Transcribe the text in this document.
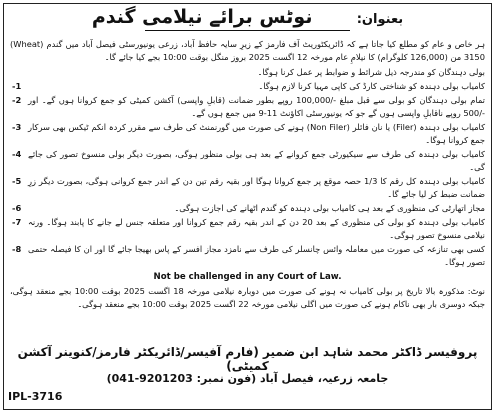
بعنوان: نوٹس برائے نیلامی گندم

ہر خاص و عام کو مطلع کیا جاتا ہے کہ ڈائریکٹوریٹ آف فارمز کے زیرِ سایہ حافظ آباد، زرعی یونیورسٹی فیصل آباد میں گندم (Wheat) 3150 من (126,000 کلوگرام) کا نیلامِ عام مورخہ 12 اگست 2025 بروز منگل بوقت 10:00 بجے کیا جائے گا۔

بولی دہندگان کو مندرجہ ذیل شرائط و ضوابط پر عمل کرنا ہوگا۔

کامیاب بولی دہندہ کو شناختی کارڈ کی کاپی مہیا کرنا لازم ہوگا۔
-1
تمام بولی دہندگان کو بولی سے قبل مبلغ -/100,000 روپے بطور ضمانت (قابلِ واپسی) آکشن کمیٹی کو جمع کروانا ہوں گے۔ اور -/500 روپے ناقابلِ واپسی ہوں گے جو کہ یونیورسٹی اکاؤنٹ 11-9 میں جمع ہوں گے۔
-2
کامیاب بولی دہندہ (Filer) یا نان فائلر (Non Filer) ہونے کی صورت میں گورنمنٹ کی طرف سے مقرر کردہ انکم ٹیکس بھی سرکار جمع کروانا ہوگا۔
-3
کامیاب بولی دہندہ کی طرف سے سیکیورٹی جمع کروانے کے بعد ہی بولی منظور ہوگی، بصورت دیگر بولی منسوخ تصور کی جائے گی۔
-4
کامیاب بولی دہندہ کل رقم کا 1/3 حصہ موقع پر جمع کروانا ہوگا اور بقیہ رقم تین دن کے اندر جمع کروانی ہوگی، بصورت دیگر زرِ ضمانت ضبط کر لیا جائے گا۔
-5
مجاز اتھارٹی کی منظوری کے بعد ہی کامیاب بولی دہندہ کو گندم اٹھانے کی اجازت ہوگی۔
-6
کامیاب بولی دہندہ کو بولی کی منظوری کے بعد 20 دن کے اندر بقیہ رقم جمع کروانا اور متعلقہ جنس لے جانے کا پابند ہوگا۔ ورنہ نیلامی منسوخ تصور ہوگی۔
-7
کسی بھی تنازعہ کی صورت میں معاملہ وائس چانسلر کی طرف سے نامزد مجاز افسر کے پاس بھیجا جائے گا اور ان کا فیصلہ حتمی تصور ہوگا۔
-8

Not be challenged in any Court of Law.

نوٹ: مذکورہ بالا تاریخ پر بولی کامیاب نہ ہونے کی صورت میں دوبارہ نیلامی مورخہ 18 اگست 2025 بوقت 10:00 بجے منعقد ہوگی، جبکہ دوسری بار بھی ناکام ہونے کی صورت میں اگلی نیلامی مورخہ 22 اگست 2025 بوقت 10:00 بجے منعقد ہوگی۔

پروفیسر ڈاکٹر محمد شاہد ابن ضمیر (فارم آفیسر/ڈائریکٹر فارمز/کنوینر آکشن کمیٹی)
جامعہ زرعیہ، فیصل آباد (فون نمبر: 041-9201203)
IPL-3716
